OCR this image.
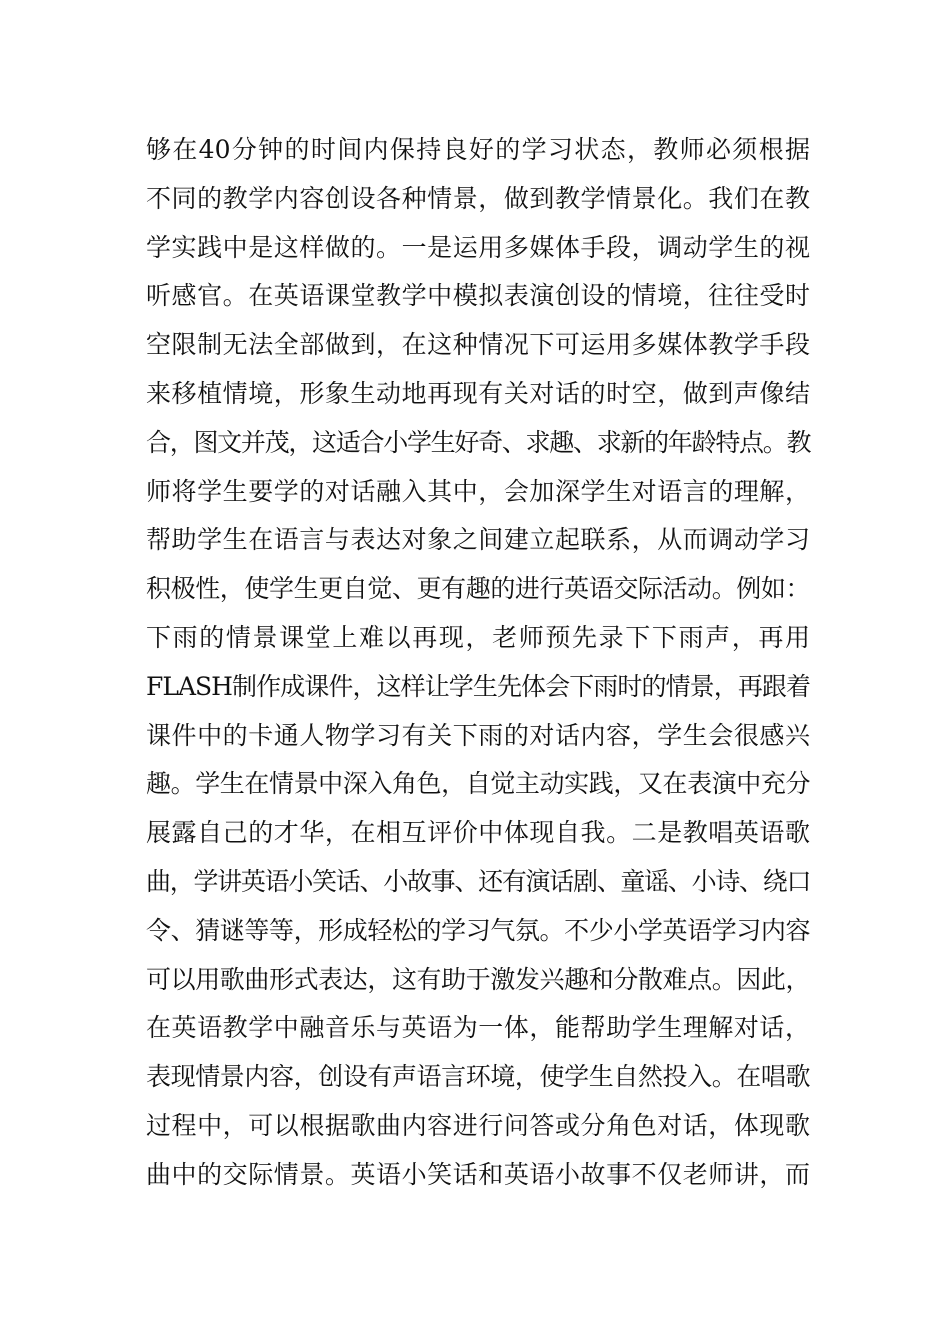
够在40分钟的时间内保持良好的学习状态，教师必须根据
不同的教学内容创设各种情景，做到教学情景化。我们在教
学实践中是这样做的。一是运用多媒体手段，调动学生的视
听感官。在英语课堂教学中模拟表演创设的情境，往往受时
空限制无法全部做到，在这种情况下可运用多媒体教学手段
来移植情境，形象生动地再现有关对话的时空，做到声像结
合，图文并茂，这适合小学生好奇、求趣、求新的年龄特点。教
师将学生要学的对话融入其中，会加深学生对语言的理解，
帮助学生在语言与表达对象之间建立起联系，从而调动学习
积极性，使学生更自觉、更有趣的进行英语交际活动。例如：
下雨的情景课堂上难以再现，老师预先录下下雨声，再用
FLASH制作成课件，这样让学生先体会下雨时的情景，再跟着
课件中的卡通人物学习有关下雨的对话内容，学生会很感兴
趣。学生在情景中深入角色，自觉主动实践，又在表演中充分
展露自己的才华，在相互评价中体现自我。二是教唱英语歌
曲，学讲英语小笑话、小故事、还有演话剧、童谣、小诗、绕口
令、猜谜等等，形成轻松的学习气氛。不少小学英语学习内容
可以用歌曲形式表达，这有助于激发兴趣和分散难点。因此，
在英语教学中融音乐与英语为一体，能帮助学生理解对话，
表现情景内容，创设有声语言环境，使学生自然投入。在唱歌
过程中，可以根据歌曲内容进行问答或分角色对话，体现歌
曲中的交际情景。英语小笑话和英语小故事不仅老师讲，而
